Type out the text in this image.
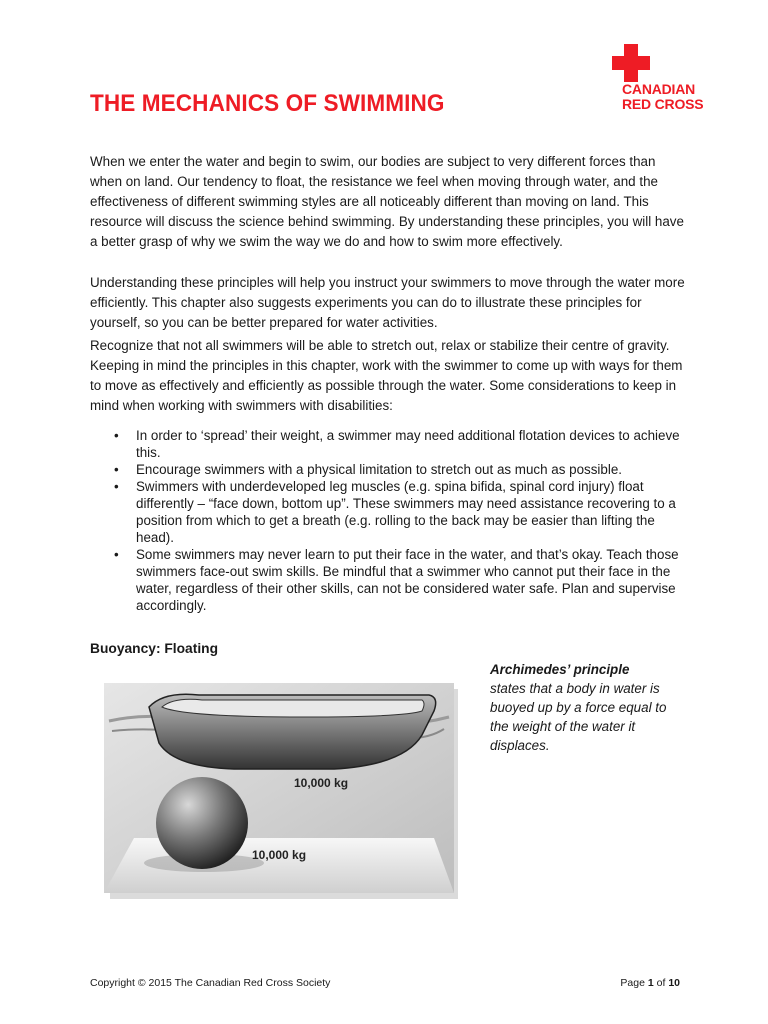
CANADIAN
RED CROSS
THE MECHANICS OF SWIMMING

When we enter the water and begin to swim, our bodies are subject to very different forces than when on land. Our tendency to float, the resistance we feel when moving through water, and the effectiveness of different swimming styles are all noticeably different than moving on land. This resource will discuss the science behind swimming. By understanding these principles, you will have a better grasp of why we swim the way we do and how to swim more effectively.

Understanding these principles will help you instruct your swimmers to move through the water more efficiently. This chapter also suggests experiments you can do to illustrate these principles for yourself, so you can be better prepared for water activities.

Recognize that not all swimmers will be able to stretch out, relax or stabilize their centre of gravity. Keeping in mind the principles in this chapter, work with the swimmer to come up with ways for them to move as effectively and efficiently as possible through the water. Some considerations to keep in mind when working with swimmers with disabilities:

• In order to ‘spread’ their weight, a swimmer may need additional flotation devices to achieve this.
• Encourage swimmers with a physical limitation to stretch out as much as possible.
• Swimmers with underdeveloped leg muscles (e.g. spina bifida, spinal cord injury) float differently – “face down, bottom up”. These swimmers may need assistance recovering to a position from which to get a breath (e.g. rolling to the back may be easier than lifting the head).
• Some swimmers may never learn to put their face in the water, and that’s okay. Teach those swimmers face-out swim skills. Be mindful that a swimmer who cannot put their face in the water, regardless of their other skills, can not be considered water safe. Plan and supervise accordingly.
Buoyancy: Floating
Archimedes’ principle
states that a body in water is buoyed up by a force equal to the weight of the water it displaces.
10,000 kg
10,000 kg
Copyright © 2015 The Canadian Red Cross Society	Page 1 of 10
